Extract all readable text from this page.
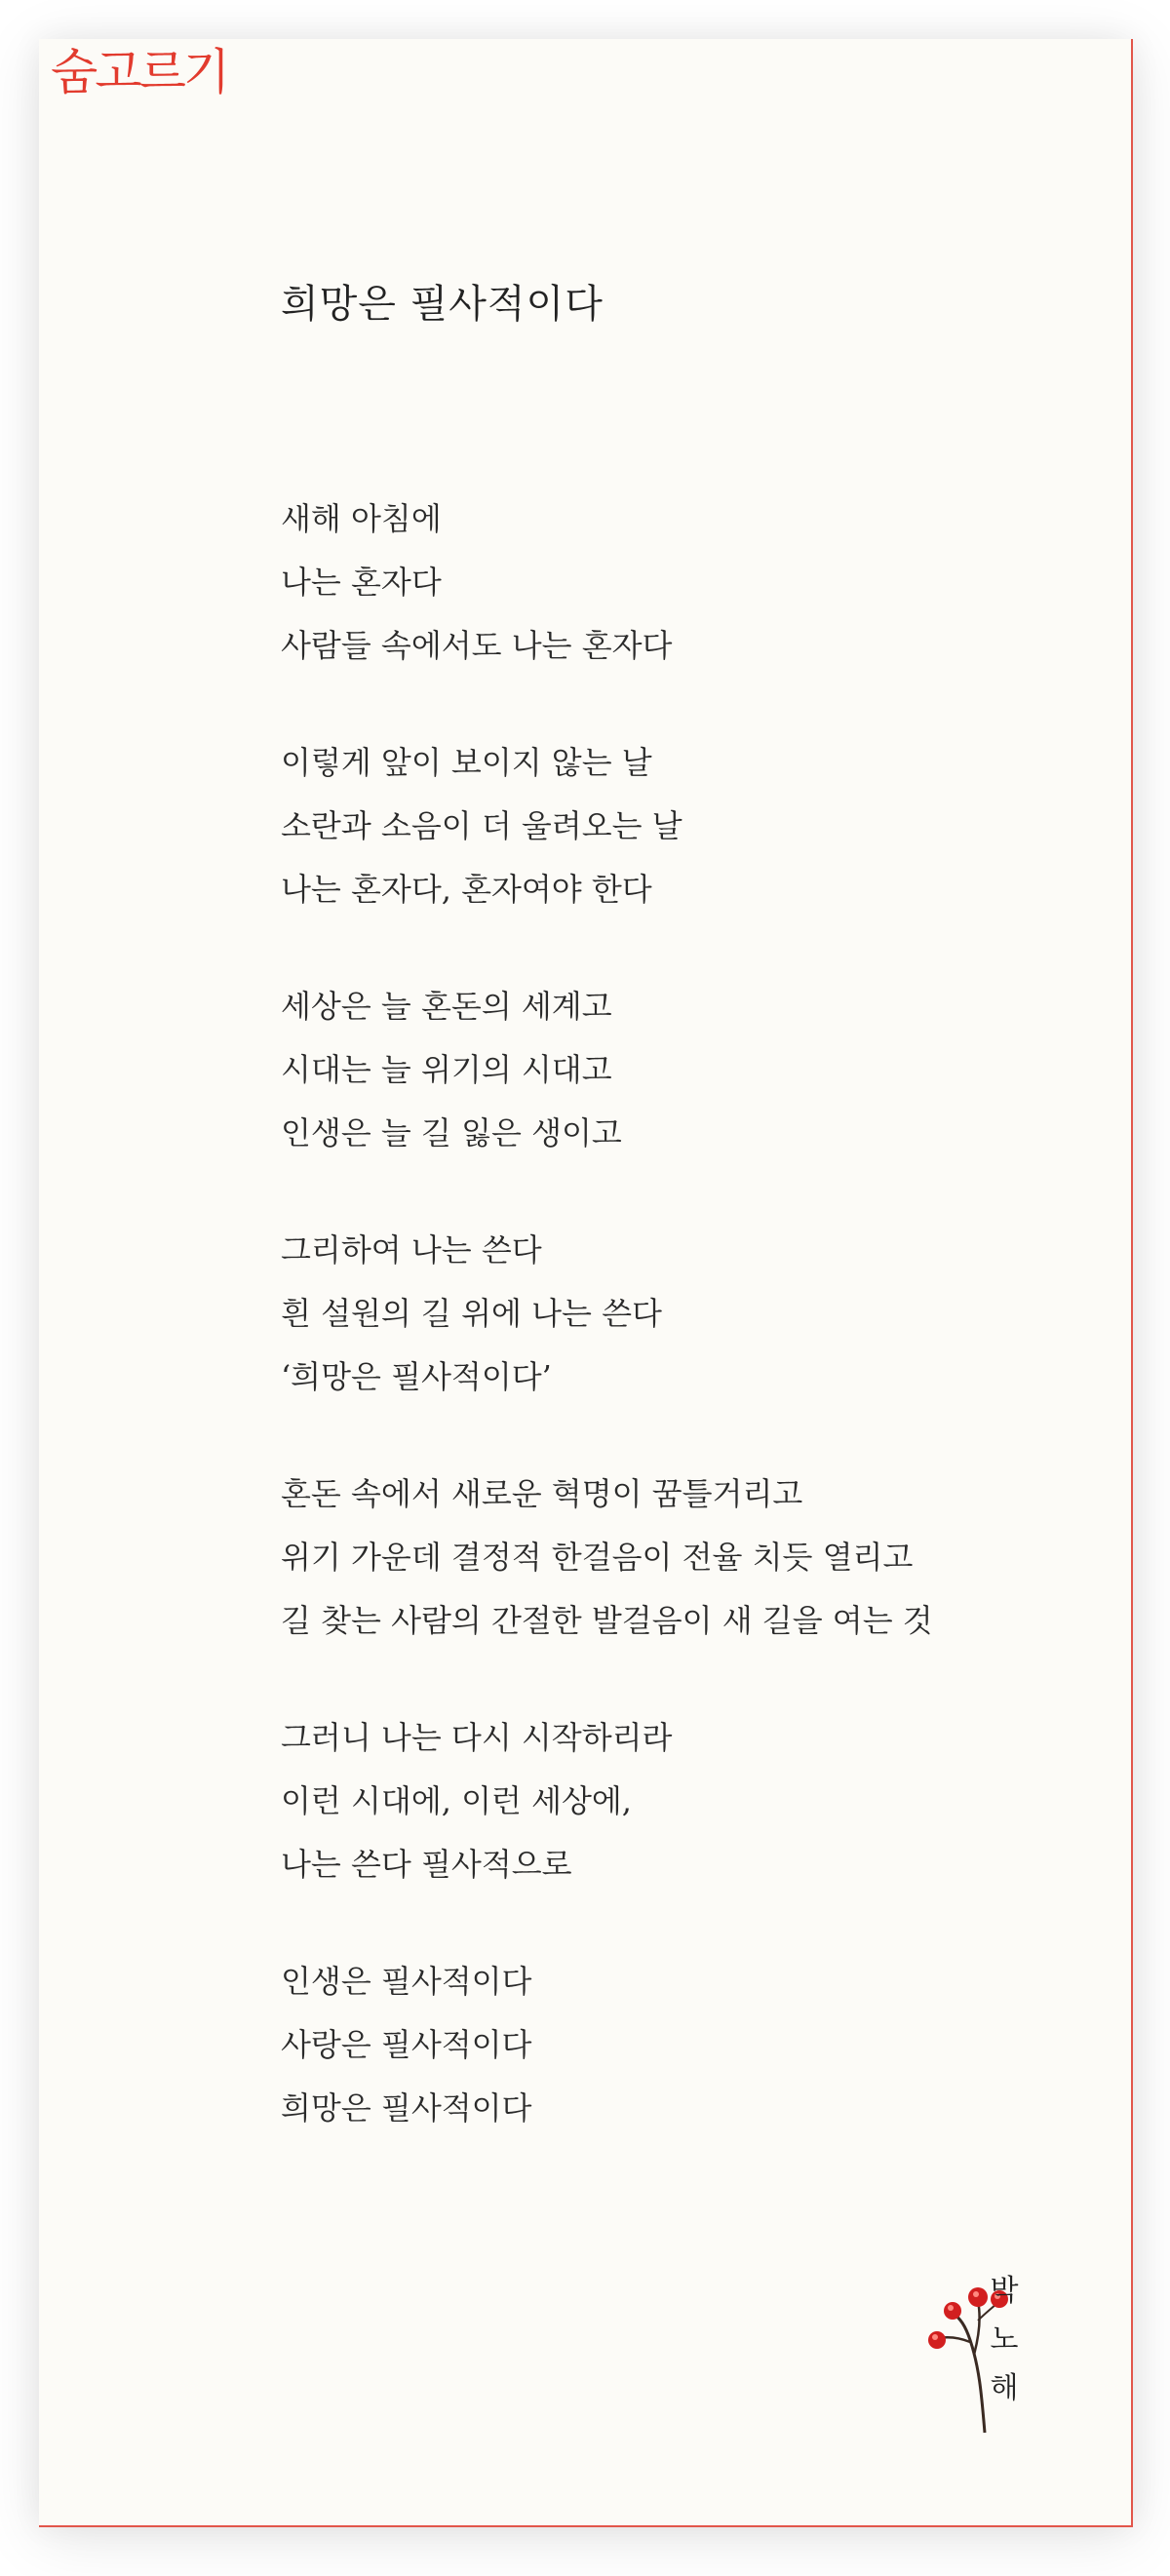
숨고르기
희망은 필사적이다
새해 아침에
나는 혼자다
사람들 속에서도 나는 혼자다
이렇게 앞이 보이지 않는 날
소란과 소음이 더 울려오는 날
나는 혼자다, 혼자여야 한다
세상은 늘 혼돈의 세계고
시대는 늘 위기의 시대고
인생은 늘 길 잃은 생이고
그리하여 나는 쓴다
흰 설원의 길 위에 나는 쓴다
‘희망은 필사적이다’
혼돈 속에서 새로운 혁명이 꿈틀거리고
위기 가운데 결정적 한걸음이 전율 치듯 열리고
길 찾는 사람의 간절한 발걸음이 새 길을 여는 것
그러니 나는 다시 시작하리라
이런 시대에, 이런 세상에,
나는 쓴다 필사적으로
인생은 필사적이다
사랑은 필사적이다
희망은 필사적이다
박
노
해
